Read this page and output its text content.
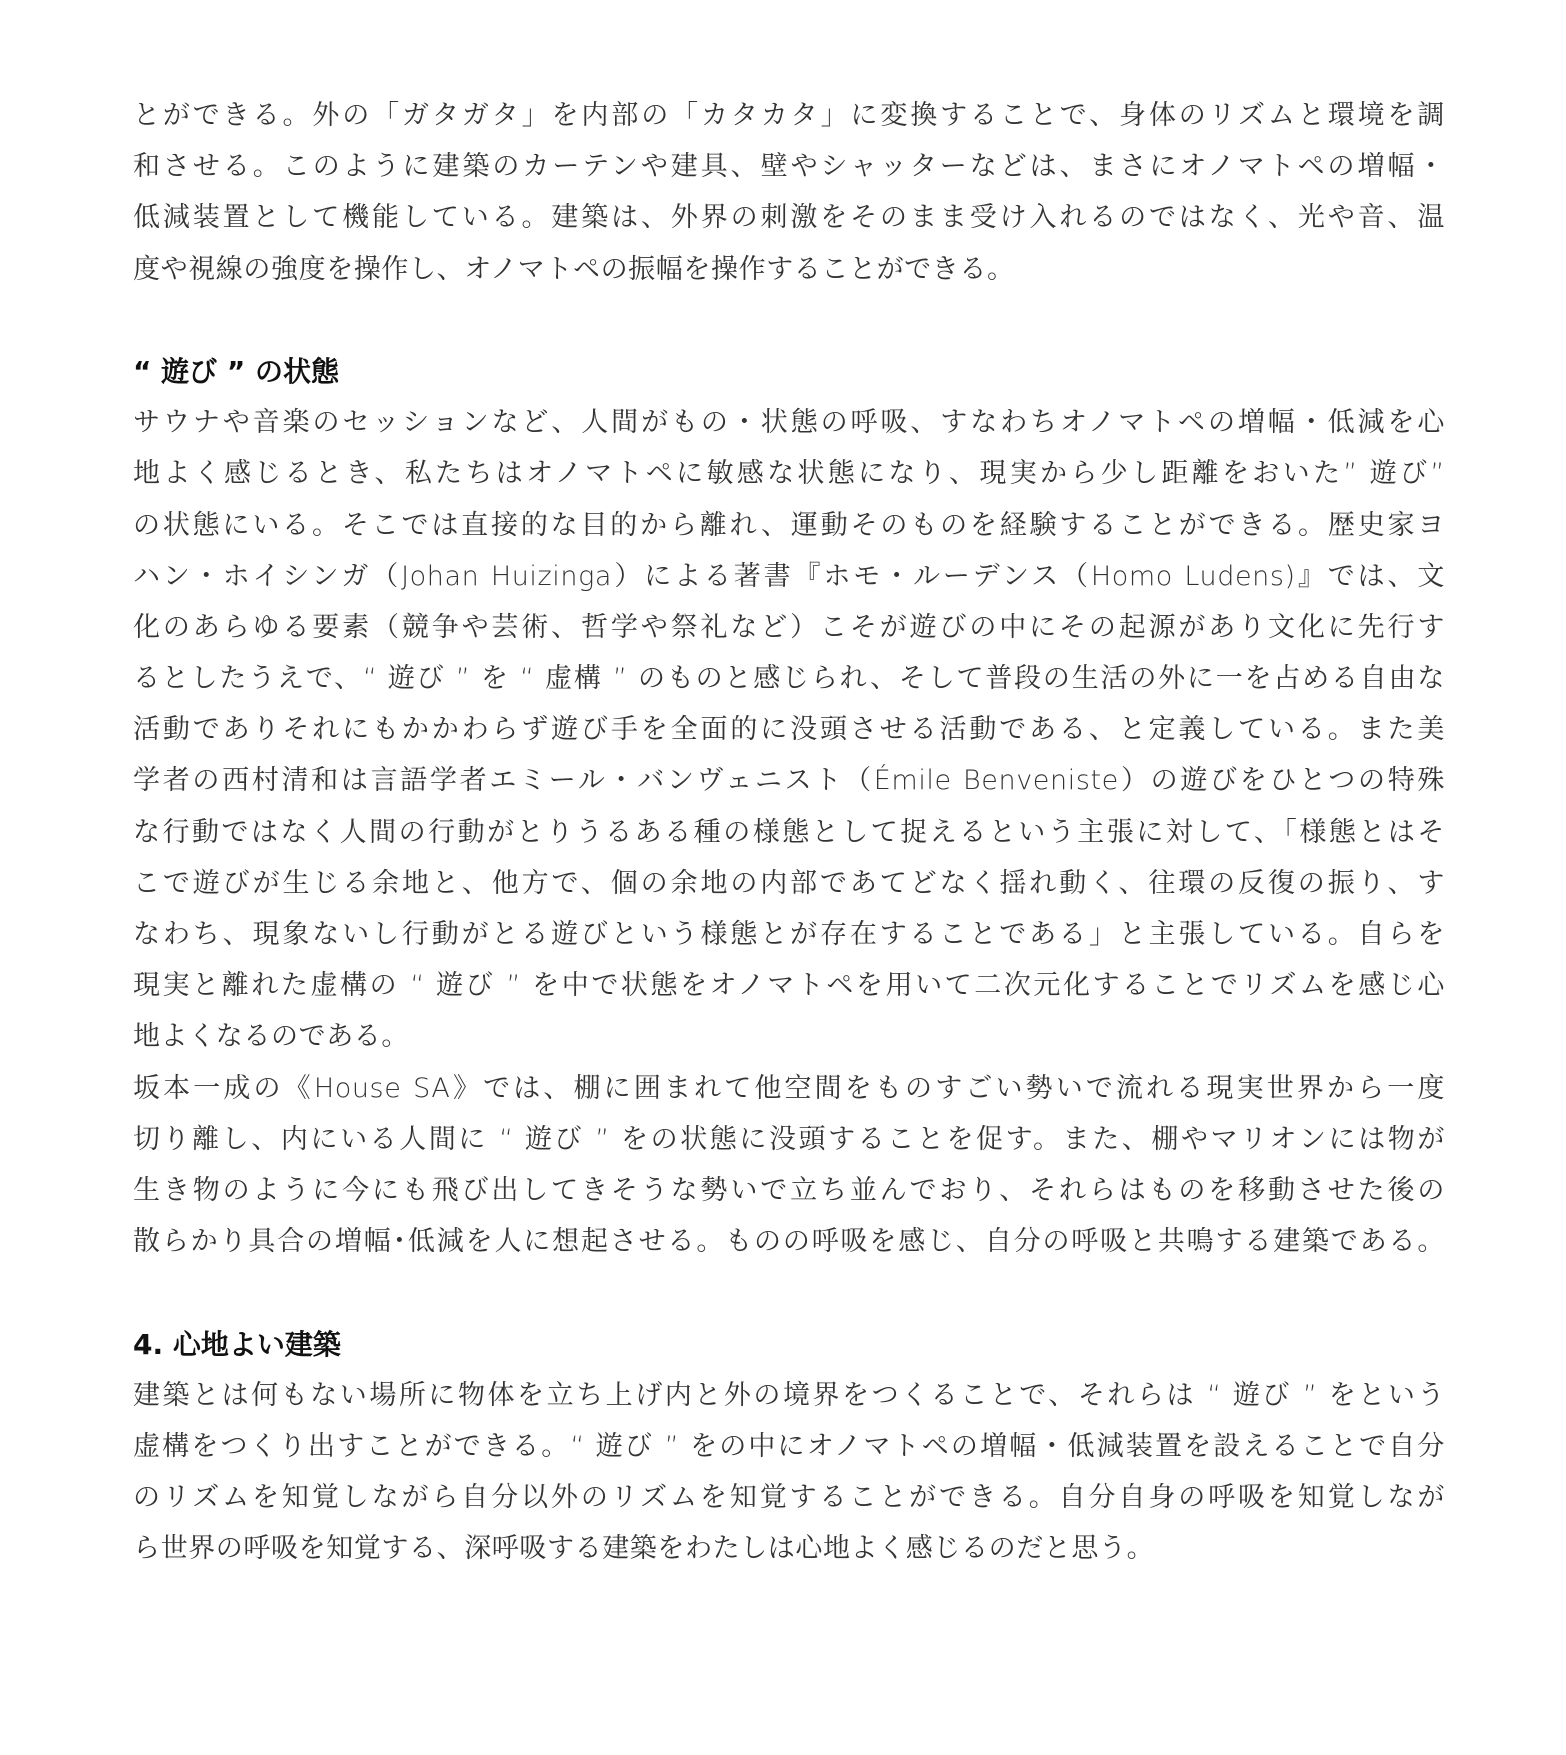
とができる。外の「ガタガタ」を内部の「カタカタ」に変換することで、身体のリズムと環境を調
和させる。このように建築のカーテンや建具、壁やシャッターなどは、まさにオノマトペの増幅・
低減装置として機能している。建築は、外界の刺激をそのまま受け入れるのではなく、光や音、温
度や視線の強度を操作し、オノマトペの振幅を操作することができる。
“ 遊び ” の状態
サウナや音楽のセッションなど、人間がもの・状態の呼吸、すなわちオノマトペの増幅・低減を心
地よく感じるとき、私たちはオノマトペに敏感な状態になり、現実から少し距離をおいた” 遊び”
の状態にいる。そこでは直接的な目的から離れ、運動そのものを経験することができる。歴史家ヨ
ハン・ホイシンガ（Johan Huizinga）による著書『ホモ・ルーデンス（Homo Ludens)』では、文
化のあらゆる要素（競争や芸術、哲学や祭礼など）こそが遊びの中にその起源があり文化に先行す
るとしたうえで、“ 遊び ” を “ 虚構 ” のものと感じられ、そして普段の生活の外に一を占める自由な
活動でありそれにもかかわらず遊び手を全面的に没頭させる活動である、と定義している。また美
学者の西村清和は言語学者エミール・バンヴェニスト（Émile Benveniste）の遊びをひとつの特殊
な行動ではなく人間の行動がとりうるある種の様態として捉えるという主張に対して、「様態とはそ
こで遊びが生じる余地と、他方で、個の余地の内部であてどなく揺れ動く、往環の反復の振り、す
なわち、現象ないし行動がとる遊びという様態とが存在することである」と主張している。自らを
現実と離れた虚構の “ 遊び ” を中で状態をオノマトペを用いて二次元化することでリズムを感じ心
地よくなるのである。
坂本一成の《House SA》では、棚に囲まれて他空間をものすごい勢いで流れる現実世界から一度
切り離し、内にいる人間に “ 遊び ” をの状態に没頭することを促す。また、棚やマリオンには物が
生き物のように今にも飛び出してきそうな勢いで立ち並んでおり、それらはものを移動させた後の
散らかり具合の増幅･低減を人に想起させる。ものの呼吸を感じ、自分の呼吸と共鳴する建築である。
4. 心地よい建築
建築とは何もない場所に物体を立ち上げ内と外の境界をつくることで、それらは “ 遊び ” をという
虚構をつくり出すことができる。“ 遊び ” をの中にオノマトペの増幅・低減装置を設えることで自分
のリズムを知覚しながら自分以外のリズムを知覚することができる。自分自身の呼吸を知覚しなが
ら世界の呼吸を知覚する、深呼吸する建築をわたしは心地よく感じるのだと思う。
